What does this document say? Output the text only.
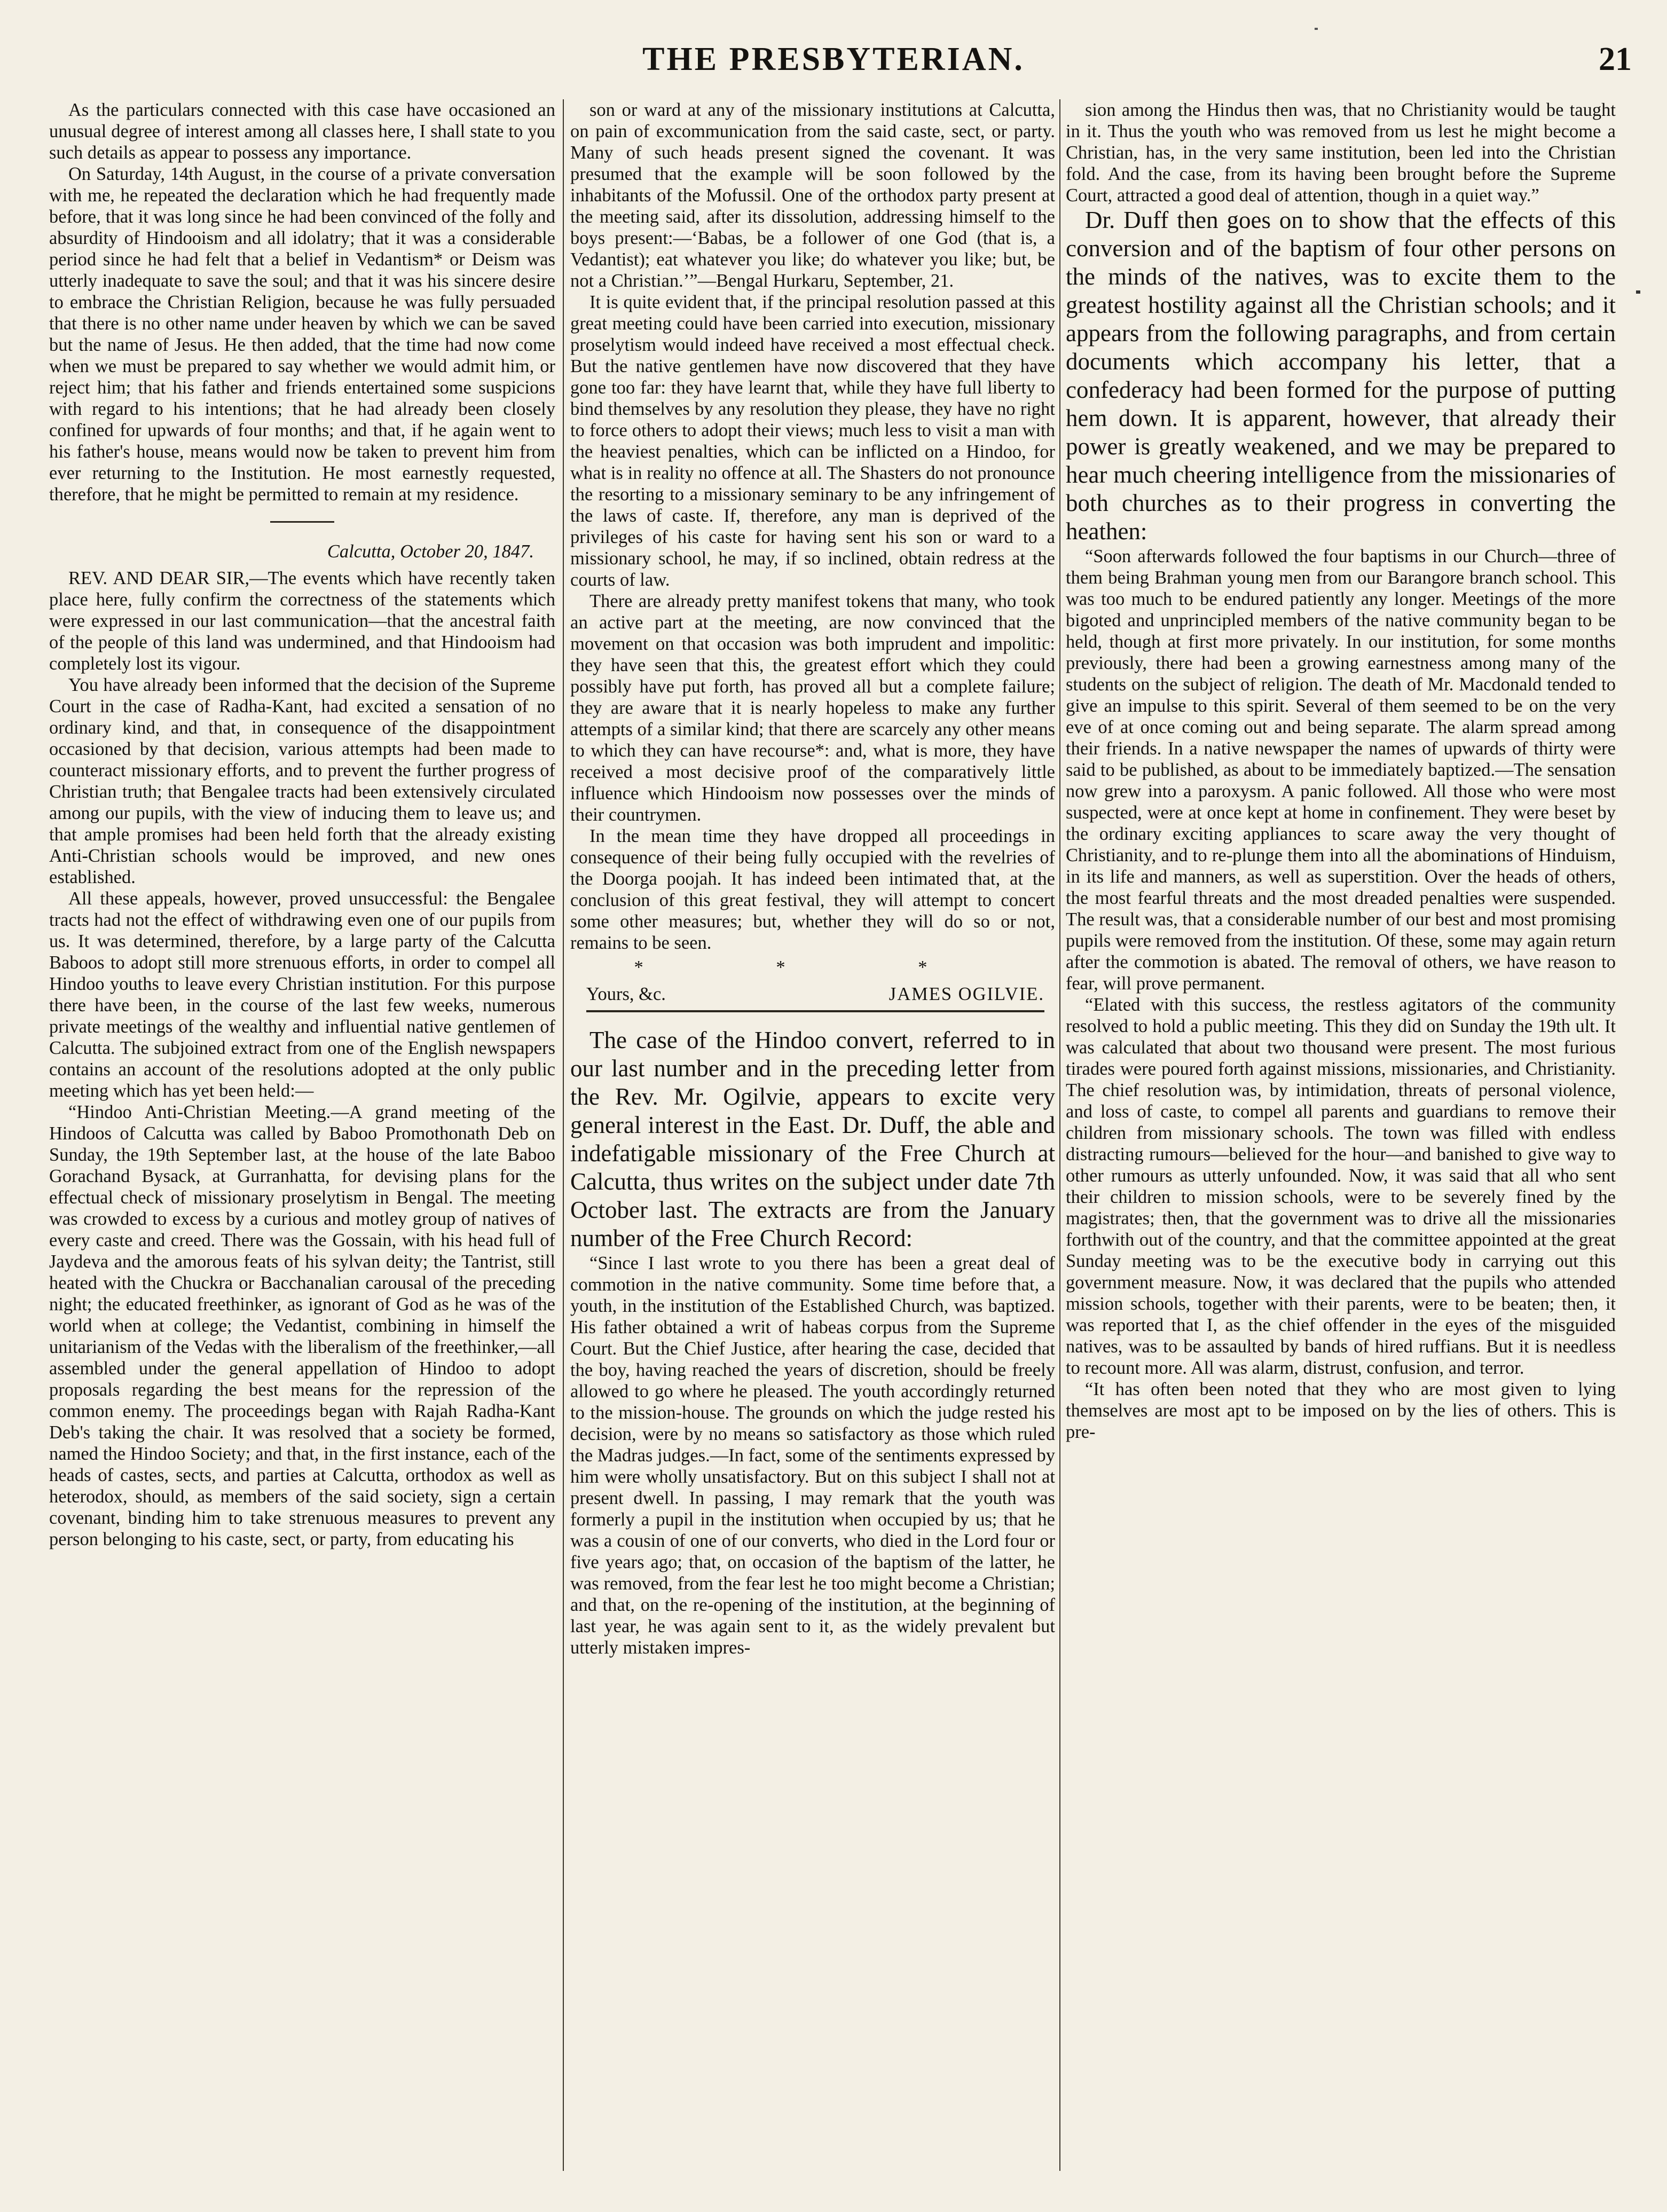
THE PRESBYTERIAN.	21

As the particulars connected with this case have occasioned an unusual degree of interest among all classes here, I shall state to you such details as appear to possess any importance.

On Saturday, 14th August, in the course of a private conversation with me, he repeated the declaration which he had frequently made before, that it was long since he had been convinced of the folly and absurdity of Hindooism and all idolatry; that it was a considerable period since he had felt that a belief in Vedantism* or Deism was utterly inadequate to save the soul; and that it was his sincere desire to embrace the Christian Religion, because he was fully persuaded that there is no other name under heaven by which we can be saved but the name of Jesus. He then added, that the time had now come when we must be prepared to say whether we would admit him, or reject him; that his father and friends entertained some suspicions with regard to his intentions; that he had already been closely confined for upwards of four months; and that, if he again went to his father's house, means would now be taken to prevent him from ever returning to the Institution. He most earnestly requested, therefore, that he might be permitted to remain at my residence.

Calcutta, October 20, 1847.

REV. AND DEAR SIR,—The events which have recently taken place here, fully confirm the correctness of the statements which were expressed in our last communication—that the ancestral faith of the people of this land was undermined, and that Hindooism had completely lost its vigour.

You have already been informed that the decision of the Supreme Court in the case of Radha-Kant, had excited a sensation of no ordinary kind, and that, in consequence of the disappointment occasioned by that decision, various attempts had been made to counteract missionary efforts, and to prevent the further progress of Christian truth; that Bengalee tracts had been extensively circulated among our pupils, with the view of inducing them to leave us; and that ample promises had been held forth that the already existing Anti-Christian schools would be improved, and new ones established.

All these appeals, however, proved unsuccessful: the Bengalee tracts had not the effect of withdrawing even one of our pupils from us. It was determined, therefore, by a large party of the Calcutta Baboos to adopt still more strenuous efforts, in order to compel all Hindoo youths to leave every Christian institution. For this purpose there have been, in the course of the last few weeks, numerous private meetings of the wealthy and influential native gentlemen of Calcutta. The subjoined extract from one of the English newspapers contains an account of the resolutions adopted at the only public meeting which has yet been held:—

“Hindoo Anti-Christian Meeting.—A grand meeting of the Hindoos of Calcutta was called by Baboo Promothonath Deb on Sunday, the 19th September last, at the house of the late Baboo Gorachand Bysack, at Gurranhatta, for devising plans for the effectual check of missionary proselytism in Bengal. The meeting was crowded to excess by a curious and motley group of natives of every caste and creed. There was the Gossain, with his head full of Jaydeva and the amorous feats of his sylvan deity; the Tantrist, still heated with the Chuckra or Bacchanalian carousal of the preceding night; the educated freethinker, as ignorant of God as he was of the world when at college; the Vedantist, combining in himself the unitarianism of the Vedas with the liberalism of the freethinker,—all assembled under the general appellation of Hindoo to adopt proposals regarding the best means for the repression of the common enemy. The proceedings began with Rajah Radha-Kant Deb's taking the chair. It was resolved that a society be formed, named the Hindoo Society; and that, in the first instance, each of the heads of castes, sects, and parties at Calcutta, orthodox as well as heterodox, should, as members of the said society, sign a certain covenant, binding him to take strenuous measures to prevent any person belonging to his caste, sect, or party, from educating his

son or ward at any of the missionary institutions at Calcutta, on pain of excommunication from the said caste, sect, or party. Many of such heads present signed the covenant. It was presumed that the example will be soon followed by the inhabitants of the Mofussil. One of the orthodox party present at the meeting said, after its dissolution, addressing himself to the boys present:—‘Babas, be a follower of one God (that is, a Vedantist); eat whatever you like; do whatever you like; but, be not a Christian.’”—Bengal Hurkaru, September, 21.

It is quite evident that, if the principal resolution passed at this great meeting could have been carried into execution, missionary proselytism would indeed have received a most effectual check. But the native gentlemen have now discovered that they have gone too far: they have learnt that, while they have full liberty to bind themselves by any resolution they please, they have no right to force others to adopt their views; much less to visit a man with the heaviest penalties, which can be inflicted on a Hindoo, for what is in reality no offence at all. The Shasters do not pronounce the resorting to a missionary seminary to be any infringement of the laws of caste. If, therefore, any man is deprived of the privileges of his caste for having sent his son or ward to a missionary school, he may, if so inclined, obtain redress at the courts of law.

There are already pretty manifest tokens that many, who took an active part at the meeting, are now convinced that the movement on that occasion was both imprudent and impolitic: they have seen that this, the greatest effort which they could possibly have put forth, has proved all but a complete failure; they are aware that it is nearly hopeless to make any further attempts of a similar kind; that there are scarcely any other means to which they can have recourse*: and, what is more, they have received a most decisive proof of the comparatively little influence which Hindooism now possesses over the minds of their countrymen.

In the mean time they have dropped all proceedings in consequence of their being fully occupied with the revelries of the Doorga poojah. It has indeed been intimated that, at the conclusion of this great festival, they will attempt to concert some other measures; but, whether they will do so or not, remains to be seen.

* * *
Yours, &c.	JAMES OGILVIE.

The case of the Hindoo convert, referred to in our last number and in the preceding letter from the Rev. Mr. Ogilvie, appears to excite very general interest in the East. Dr. Duff, the able and indefatigable missionary of the Free Church at Calcutta, thus writes on the subject under date 7th October last. The extracts are from the January number of the Free Church Record:

“Since I last wrote to you there has been a great deal of commotion in the native community. Some time before that, a youth, in the institution of the Established Church, was baptized. His father obtained a writ of habeas corpus from the Supreme Court. But the Chief Justice, after hearing the case, decided that the boy, having reached the years of discretion, should be freely allowed to go where he pleased. The youth accordingly returned to the mission-house. The grounds on which the judge rested his decision, were by no means so satisfactory as those which ruled the Madras judges.—In fact, some of the sentiments expressed by him were wholly unsatisfactory. But on this subject I shall not at present dwell. In passing, I may remark that the youth was formerly a pupil in the institution when occupied by us; that he was a cousin of one of our converts, who died in the Lord four or five years ago; that, on occasion of the baptism of the latter, he was removed, from the fear lest he too might become a Christian; and that, on the re-opening of the institution, at the beginning of last year, he was again sent to it, as the widely prevalent but utterly mistaken impres-

sion among the Hindus then was, that no Christianity would be taught in it. Thus the youth who was removed from us lest he might become a Christian, has, in the very same institution, been led into the Christian fold. And the case, from its having been brought before the Supreme Court, attracted a good deal of attention, though in a quiet way.”

Dr. Duff then goes on to show that the effects of this conversion and of the baptism of four other persons on the minds of the natives, was to excite them to the greatest hostility against all the Christian schools; and it appears from the following paragraphs, and from certain documents which accompany his letter, that a confederacy had been formed for the purpose of putting hem down. It is apparent, however, that already their power is greatly weakened, and we may be prepared to hear much cheering intelligence from the missionaries of both churches as to their progress in converting the heathen:

“Soon afterwards followed the four baptisms in our Church—three of them being Brahman young men from our Barangore branch school. This was too much to be endured patiently any longer. Meetings of the more bigoted and unprincipled members of the native community began to be held, though at first more privately. In our institution, for some months previously, there had been a growing earnestness among many of the students on the subject of religion. The death of Mr. Macdonald tended to give an impulse to this spirit. Several of them seemed to be on the very eve of at once coming out and being separate. The alarm spread among their friends. In a native newspaper the names of upwards of thirty were said to be published, as about to be immediately baptized.—The sensation now grew into a paroxysm. A panic followed. All those who were most suspected, were at once kept at home in confinement. They were beset by the ordinary exciting appliances to scare away the very thought of Christianity, and to re-plunge them into all the abominations of Hinduism, in its life and manners, as well as superstition. Over the heads of others, the most fearful threats and the most dreaded penalties were suspended. The result was, that a considerable number of our best and most promising pupils were removed from the institution. Of these, some may again return after the commotion is abated. The removal of others, we have reason to fear, will prove permanent.

“Elated with this success, the restless agitators of the community resolved to hold a public meeting. This they did on Sunday the 19th ult. It was calculated that about two thousand were present. The most furious tirades were poured forth against missions, missionaries, and Christianity. The chief resolution was, by intimidation, threats of personal violence, and loss of caste, to compel all parents and guardians to remove their children from missionary schools. The town was filled with endless distracting rumours—believed for the hour—and banished to give way to other rumours as utterly unfounded. Now, it was said that all who sent their children to mission schools, were to be severely fined by the magistrates; then, that the government was to drive all the missionaries forthwith out of the country, and that the committee appointed at the great Sunday meeting was to be the executive body in carrying out this government measure. Now, it was declared that the pupils who attended mission schools, together with their parents, were to be beaten; then, it was reported that I, as the chief offender in the eyes of the misguided natives, was to be assaulted by bands of hired ruffians. But it is needless to recount more. All was alarm, distrust, confusion, and terror.

“It has often been noted that they who are most given to lying themselves are most apt to be imposed on by the lies of others. This is pre-
